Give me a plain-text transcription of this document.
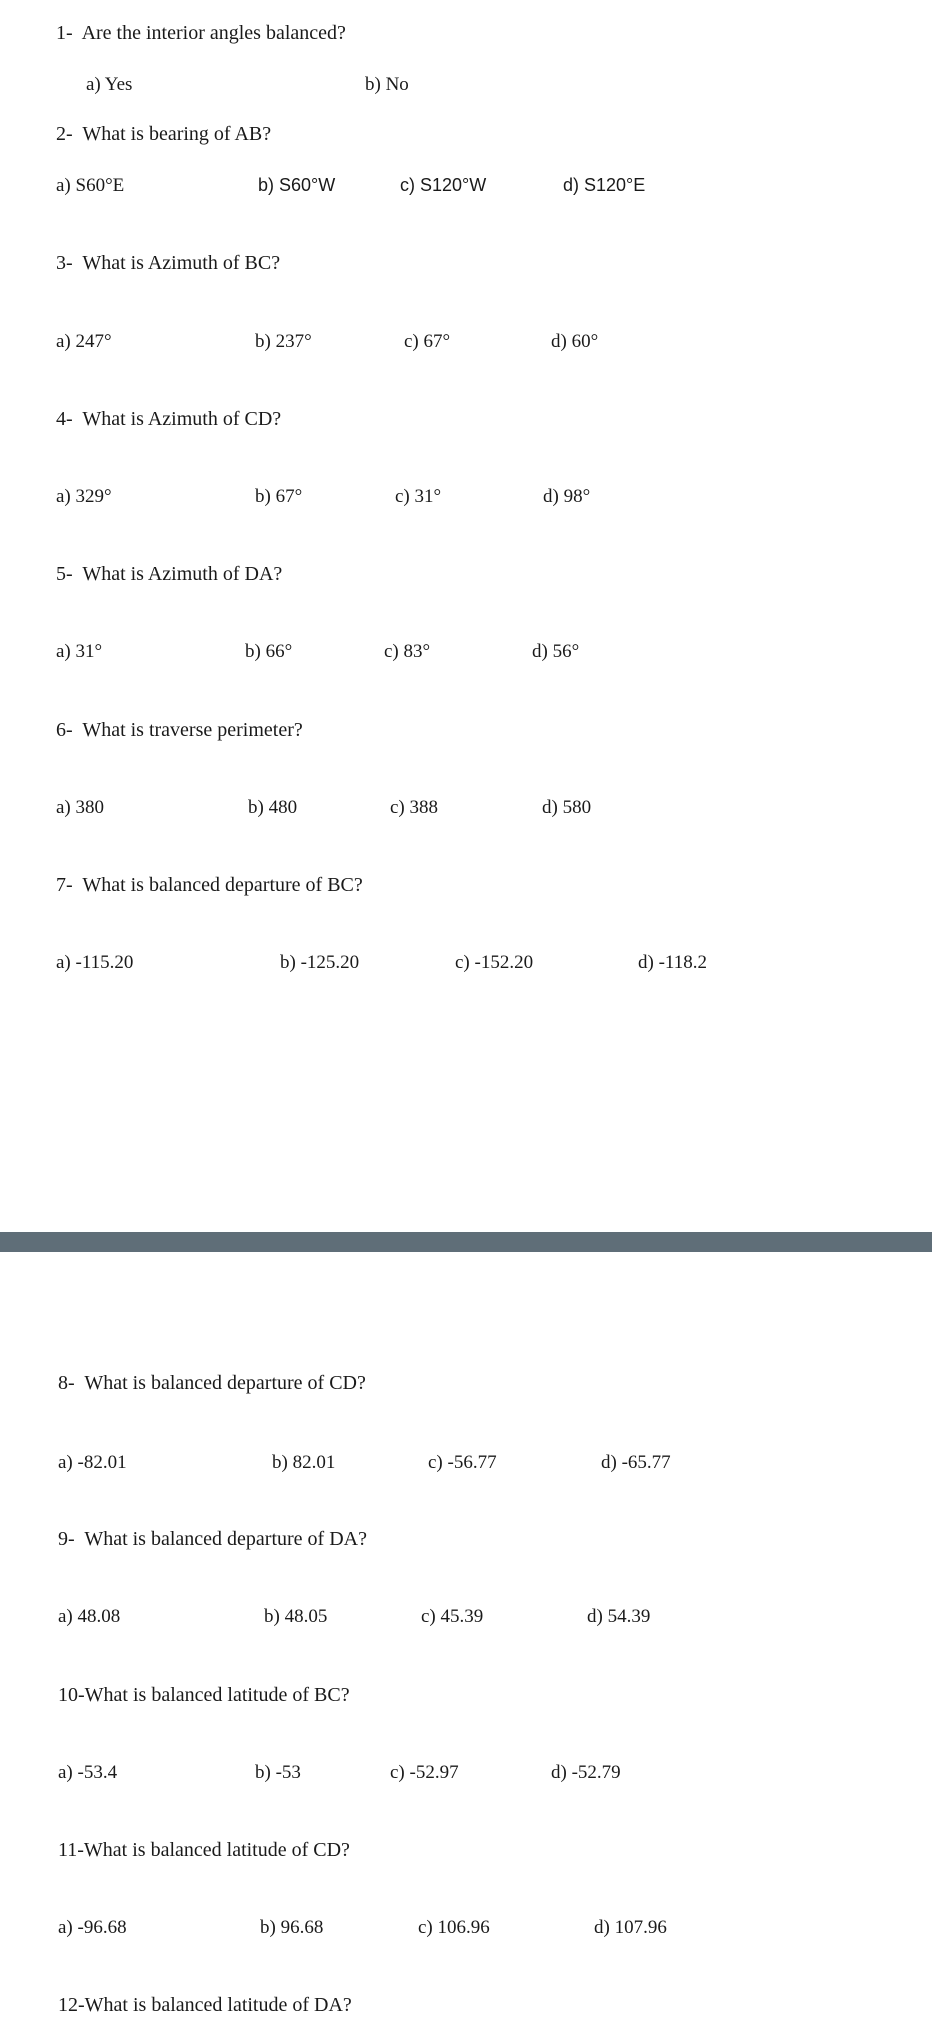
1- Are the interior angles balanced?
a) Yes	b) No
2- What is bearing of AB?
a) S60°E	b) S60°W	c) S120°W	d) S120°E
3- What is Azimuth of BC?
a) 247°	b) 237°	c) 67°	d) 60°
4- What is Azimuth of CD?
a) 329°	b) 67°	c) 31°	d) 98°
5- What is Azimuth of DA?
a) 31°	b) 66°	c) 83°	d) 56°
6- What is traverse perimeter?
a) 380	b) 480	c) 388	d) 580
7- What is balanced departure of BC?
a) -115.20	b) -125.20	c) -152.20	d) -118.2
8- What is balanced departure of CD?
a) -82.01	b) 82.01	c) -56.77	d) -65.77
9- What is balanced departure of DA?
a) 48.08	b) 48.05	c) 45.39	d) 54.39
10-What is balanced latitude of BC?
a) -53.4	b) -53	c) -52.97	d) -52.79
11-What is balanced latitude of CD?
a) -96.68	b) 96.68	c) 106.96	d) 107.96
12-What is balanced latitude of DA?
